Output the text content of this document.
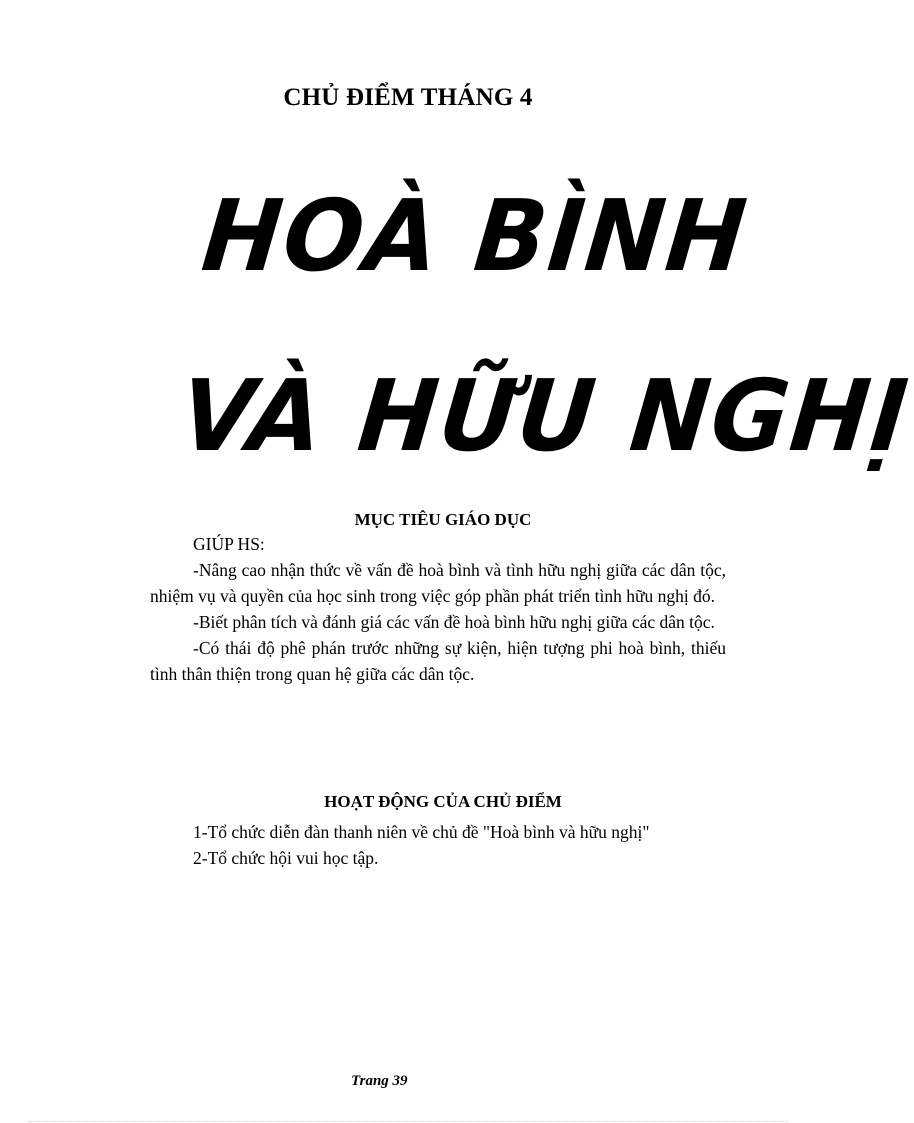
CHỦ ĐIỂM THÁNG 4
HOÀ BÌNH
VÀ HỮU NGHỊ
MỤC TIÊU GIÁO DỤC
GIÚP HS:

-Nâng cao nhận thức về vấn đề hoà bình và tình hữu nghị giữa các dân tộc, nhiệm vụ và quyền của học sinh trong việc góp phần phát triển tình hữu nghị đó.

-Biết phân tích và đánh giá các vấn đề hoà bình hữu nghị giữa các dân tộc.

-Có thái độ phê phán trước những sự kiện, hiện tượng phi hoà bình, thiếu tình thân thiện trong quan hệ giữa các dân tộc.

HOẠT ĐỘNG CỦA CHỦ ĐIỂM
1-Tổ chức diễn đàn thanh niên về chủ đề "Hoà bình và hữu nghị"
2-Tổ chức hội vui học tập.
Trang 39
